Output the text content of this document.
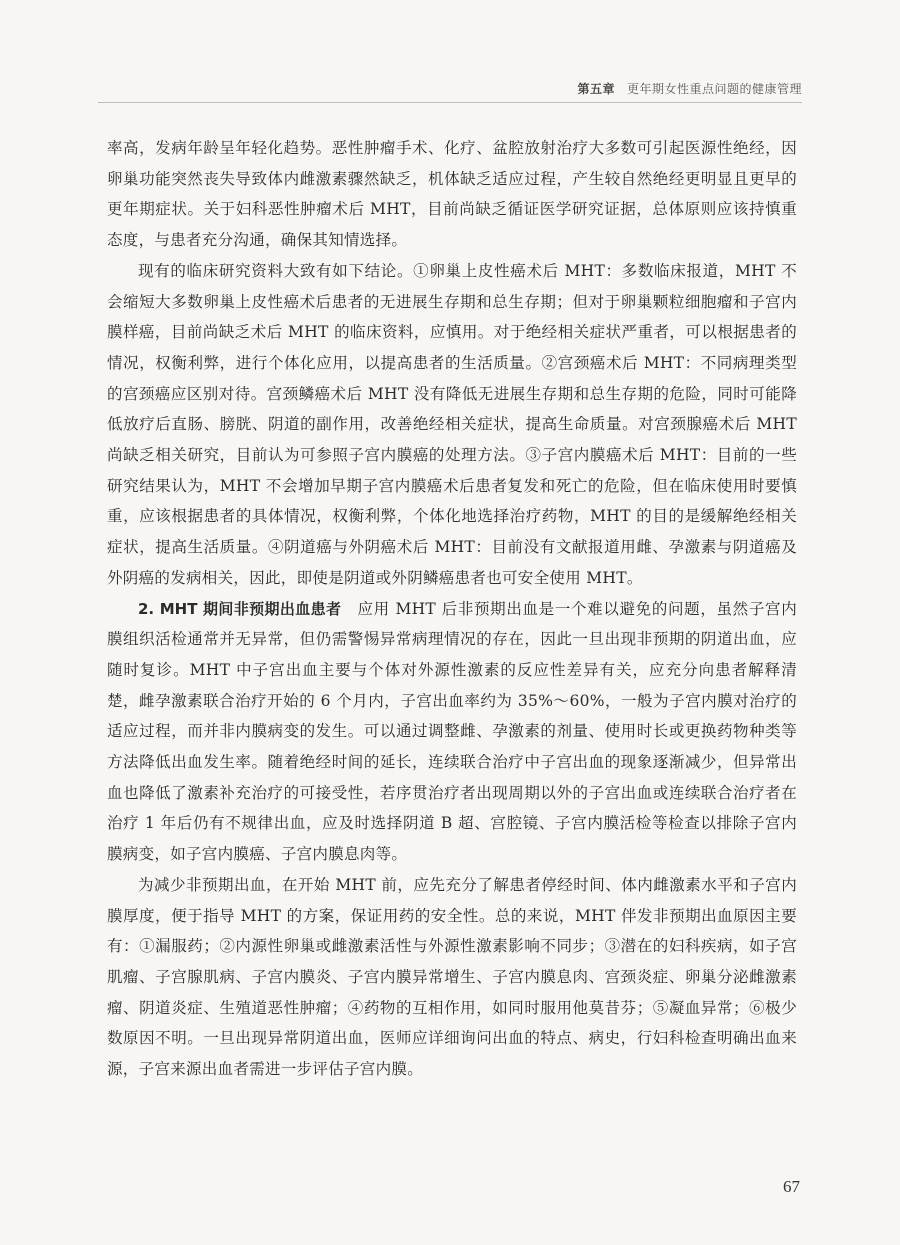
第五章 更年期女性重点问题的健康管理

率高，发病年龄呈年轻化趋势。恶性肿瘤手术、化疗、盆腔放射治疗大多数可引起医源性绝经，因卵巢功能突然丧失导致体内雌激素骤然缺乏，机体缺乏适应过程，产生较自然绝经更明显且更早的更年期症状。关于妇科恶性肿瘤术后 MHT，目前尚缺乏循证医学研究证据，总体原则应该持慎重态度，与患者充分沟通，确保其知情选择。

现有的临床研究资料大致有如下结论。①卵巢上皮性癌术后 MHT：多数临床报道，MHT 不会缩短大多数卵巢上皮性癌术后患者的无进展生存期和总生存期；但对于卵巢颗粒细胞瘤和子宫内膜样癌，目前尚缺乏术后 MHT 的临床资料，应慎用。对于绝经相关症状严重者，可以根据患者的情况，权衡利弊，进行个体化应用，以提高患者的生活质量。②宫颈癌术后 MHT：不同病理类型的宫颈癌应区别对待。宫颈鳞癌术后 MHT 没有降低无进展生存期和总生存期的危险，同时可能降低放疗后直肠、膀胱、阴道的副作用，改善绝经相关症状，提高生命质量。对宫颈腺癌术后 MHT 尚缺乏相关研究，目前认为可参照子宫内膜癌的处理方法。③子宫内膜癌术后 MHT：目前的一些研究结果认为，MHT 不会增加早期子宫内膜癌术后患者复发和死亡的危险，但在临床使用时要慎重，应该根据患者的具体情况，权衡利弊，个体化地选择治疗药物，MHT 的目的是缓解绝经相关症状，提高生活质量。④阴道癌与外阴癌术后 MHT：目前没有文献报道用雌、孕激素与阴道癌及外阴癌的发病相关，因此，即使是阴道或外阴鳞癌患者也可安全使用 MHT。

2. MHT 期间非预期出血患者　应用 MHT 后非预期出血是一个难以避免的问题，虽然子宫内膜组织活检通常并无异常，但仍需警惕异常病理情况的存在，因此一旦出现非预期的阴道出血，应随时复诊。MHT 中子宫出血主要与个体对外源性激素的反应性差异有关，应充分向患者解释清楚，雌孕激素联合治疗开始的 6 个月内，子宫出血率约为 35%～60%，一般为子宫内膜对治疗的适应过程，而并非内膜病变的发生。可以通过调整雌、孕激素的剂量、使用时长或更换药物种类等方法降低出血发生率。随着绝经时间的延长，连续联合治疗中子宫出血的现象逐渐减少，但异常出血也降低了激素补充治疗的可接受性，若序贯治疗者出现周期以外的子宫出血或连续联合治疗者在治疗 1 年后仍有不规律出血，应及时选择阴道 B 超、宫腔镜、子宫内膜活检等检查以排除子宫内膜病变，如子宫内膜癌、子宫内膜息肉等。

为减少非预期出血，在开始 MHT 前，应先充分了解患者停经时间、体内雌激素水平和子宫内膜厚度，便于指导 MHT 的方案，保证用药的安全性。总的来说，MHT 伴发非预期出血原因主要有：①漏服药；②内源性卵巢或雌激素活性与外源性激素影响不同步；③潜在的妇科疾病，如子宫肌瘤、子宫腺肌病、子宫内膜炎、子宫内膜异常增生、子宫内膜息肉、宫颈炎症、卵巢分泌雌激素瘤、阴道炎症、生殖道恶性肿瘤；④药物的互相作用，如同时服用他莫昔芬；⑤凝血异常；⑥极少数原因不明。一旦出现异常阴道出血，医师应详细询问出血的特点、病史，行妇科检查明确出血来源，子宫来源出血者需进一步评估子宫内膜。

67
